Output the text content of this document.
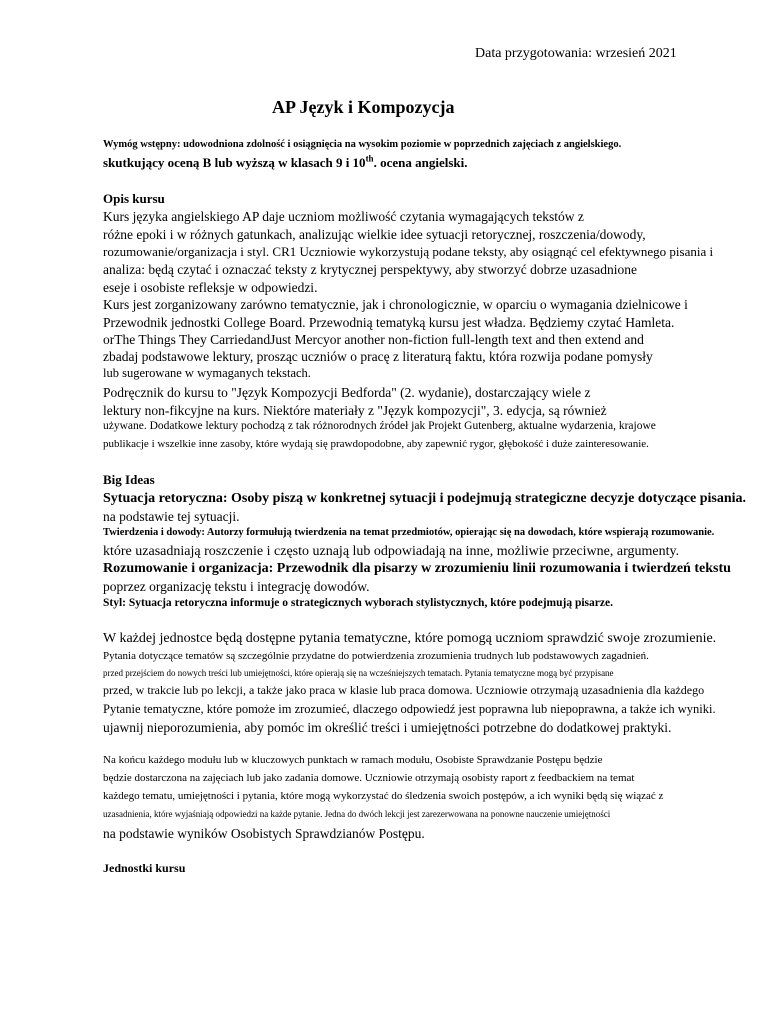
Data przygotowania: wrzesień 2021
AP Język i Kompozycja
Wymóg wstępny: udowodniona zdolność i osiągnięcia na wysokim poziomie w poprzednich zajęciach z angielskiego.
skutkujący oceną B lub wyższą w klasach 9 i 10th. ocena angielski.
Opis kursu
Kurs języka angielskiego AP daje uczniom możliwość czytania wymagających tekstów z
różne epoki i w różnych gatunkach, analizując wielkie idee sytuacji retorycznej, roszczenia/dowody,
rozumowanie/organizacja i styl. CR1 Uczniowie wykorzystują podane teksty, aby osiągnąć cel efektywnego pisania i
analiza: będą czytać i oznaczać teksty z krytycznej perspektywy, aby stworzyć dobrze uzasadnione
eseje i osobiste refleksje w odpowiedzi.
Kurs jest zorganizowany zarówno tematycznie, jak i chronologicznie, w oparciu o wymagania dzielnicowe i
Przewodnik jednostki College Board. Przewodnią tematyką kursu jest władza. Będziemy czytać Hamleta.
orThe Things They CarriedandJust Mercyor another non-fiction full-length text and then extend and
zbadaj podstawowe lektury, prosząc uczniów o pracę z literaturą faktu, która rozwija podane pomysły
lub sugerowane w wymaganych tekstach.
Podręcznik do kursu to "Język Kompozycji Bedforda" (2. wydanie), dostarczający wiele z
lektury non-fikcyjne na kurs. Niektóre materiały z "Język kompozycji", 3. edycja, są również
używane. Dodatkowe lektury pochodzą z tak różnorodnych źródeł jak Projekt Gutenberg, aktualne wydarzenia, krajowe
publikacje i wszelkie inne zasoby, które wydają się prawdopodobne, aby zapewnić rygor, głębokość i duże zainteresowanie.
Big Ideas
Sytuacja retoryczna: Osoby piszą w konkretnej sytuacji i podejmują strategiczne decyzje dotyczące pisania.
na podstawie tej sytuacji.
Twierdzenia i dowody: Autorzy formułują twierdzenia na temat przedmiotów, opierając się na dowodach, które wspierają rozumowanie.
które uzasadniają roszczenie i często uznają lub odpowiadają na inne, możliwie przeciwne, argumenty.
Rozumowanie i organizacja: Przewodnik dla pisarzy w zrozumieniu linii rozumowania i twierdzeń tekstu
poprzez organizację tekstu i integrację dowodów.
Styl: Sytuacja retoryczna informuje o strategicznych wyborach stylistycznych, które podejmują pisarze.
W każdej jednostce będą dostępne pytania tematyczne, które pomogą uczniom sprawdzić swoje zrozumienie.
Pytania dotyczące tematów są szczególnie przydatne do potwierdzenia zrozumienia trudnych lub podstawowych zagadnień.
przed przejściem do nowych treści lub umiejętności, które opierają się na wcześniejszych tematach. Pytania tematyczne mogą być przypisane
przed, w trakcie lub po lekcji, a także jako praca w klasie lub praca domowa. Uczniowie otrzymają uzasadnienia dla każdego
Pytanie tematyczne, które pomoże im zrozumieć, dlaczego odpowiedź jest poprawna lub niepoprawna, a także ich wyniki.
ujawnij nieporozumienia, aby pomóc im określić treści i umiejętności potrzebne do dodatkowej praktyki.
Na końcu każdego modułu lub w kluczowych punktach w ramach modułu, Osobiste Sprawdzanie Postępu będzie
będzie dostarczona na zajęciach lub jako zadania domowe. Uczniowie otrzymają osobisty raport z feedbackiem na temat
każdego tematu, umiejętności i pytania, które mogą wykorzystać do śledzenia swoich postępów, a ich wyniki będą się wiązać z
uzasadnienia, które wyjaśniają odpowiedzi na każde pytanie. Jedna do dwóch lekcji jest zarezerwowana na ponowne nauczenie umiejętności
na podstawie wyników Osobistych Sprawdzianów Postępu.
Jednostki kursu
